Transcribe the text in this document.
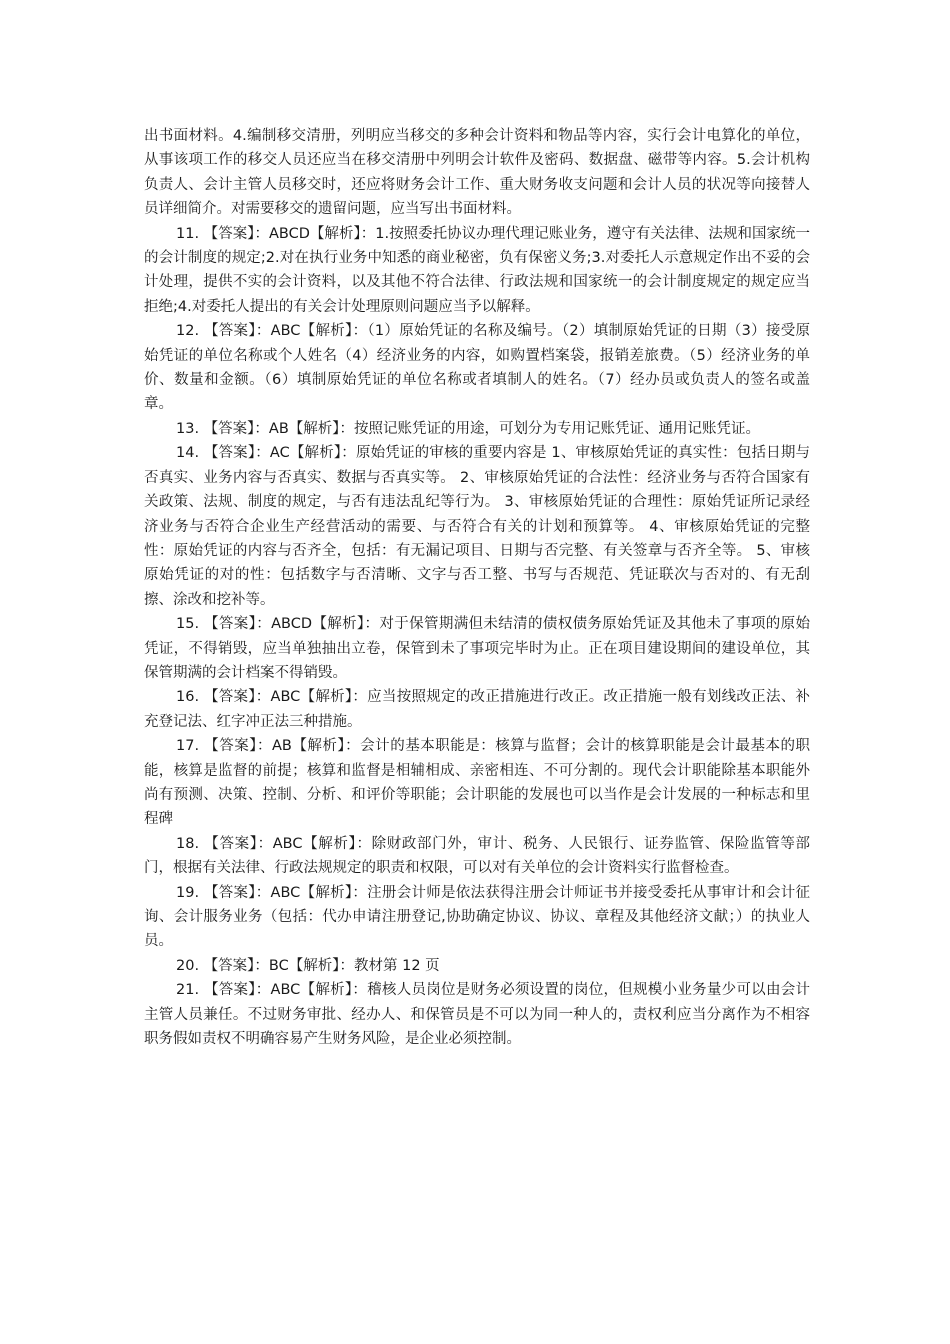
出书面材料。4.编制移交清册，列明应当移交的多种会计资料和物品等内容，实行会计电算化的单位，从事该项工作的移交人员还应当在移交清册中列明会计软件及密码、数据盘、磁带等内容。5.会计机构负责人、会计主管人员移交时，还应将财务会计工作、重大财务收支问题和会计人员的状况等向接替人员详细简介。对需要移交的遗留问题，应当写出书面材料。

11. 【答案】：ABCD【解析】：1.按照委托协议办理代理记账业务，遵守有关法律、法规和国家统一的会计制度的规定;2.对在执行业务中知悉的商业秘密，负有保密义务;3.对委托人示意规定作出不妥的会计处理，提供不实的会计资料，以及其他不符合法律、行政法规和国家统一的会计制度规定的规定应当拒绝;4.对委托人提出的有关会计处理原则问题应当予以解释。

12. 【答案】：ABC【解析】：（1）原始凭证的名称及编号。（2）填制原始凭证的日期（3）接受原始凭证的单位名称或个人姓名（4）经济业务的内容，如购置档案袋，报销差旅费。（5）经济业务的单价、数量和金额。（6）填制原始凭证的单位名称或者填制人的姓名。（7）经办员或负责人的签名或盖章。

13. 【答案】：AB【解析】：按照记账凭证的用途，可划分为专用记账凭证、通用记账凭证。

14. 【答案】：AC【解析】：原始凭证的审核的重要内容是 1、审核原始凭证的真实性：包括日期与否真实、业务内容与否真实、数据与否真实等。 2、审核原始凭证的合法性：经济业务与否符合国家有关政策、法规、制度的规定，与否有违法乱纪等行为。 3、审核原始凭证的合理性：原始凭证所记录经济业务与否符合企业生产经营活动的需要、与否符合有关的计划和预算等。 4、审核原始凭证的完整性：原始凭证的内容与否齐全，包括：有无漏记项目、日期与否完整、有关签章与否齐全等。 5、审核原始凭证的对的性：包括数字与否清晰、文字与否工整、书写与否规范、凭证联次与否对的、有无刮擦、涂改和挖补等。

15. 【答案】：ABCD【解析】：对于保管期满但未结清的债权债务原始凭证及其他未了事项的原始凭证，不得销毁，应当单独抽出立卷，保管到未了事项完毕时为止。正在项目建设期间的建设单位，其保管期满的会计档案不得销毁。

16. 【答案】：ABC【解析】：应当按照规定的改正措施进行改正。改正措施一般有划线改正法、补充登记法、红字冲正法三种措施。

17. 【答案】：AB【解析】：会计的基本职能是：核算与监督；会计的核算职能是会计最基本的职能，核算是监督的前提；核算和监督是相辅相成、亲密相连、不可分割的。现代会计职能除基本职能外尚有预测、决策、控制、分析、和评价等职能；会计职能的发展也可以当作是会计发展的一种标志和里程碑

18. 【答案】：ABC【解析】：除财政部门外，审计、税务、人民银行、证券监管、保险监管等部门，根据有关法律、行政法规规定的职责和权限，可以对有关单位的会计资料实行监督检查。

19. 【答案】：ABC【解析】：注册会计师是依法获得注册会计师证书并接受委托从事审计和会计征询、会计服务业务（包括：代办申请注册登记,协助确定协议、协议、章程及其他经济文献；）的执业人员。

20. 【答案】：BC【解析】：教材第 12 页

21. 【答案】：ABC【解析】：稽核人员岗位是财务必须设置的岗位，但规模小业务量少可以由会计主管人员兼任。不过财务审批、经办人、和保管员是不可以为同一种人的，责权利应当分离作为不相容职务假如责权不明确容易产生财务风险，是企业必须控制。
